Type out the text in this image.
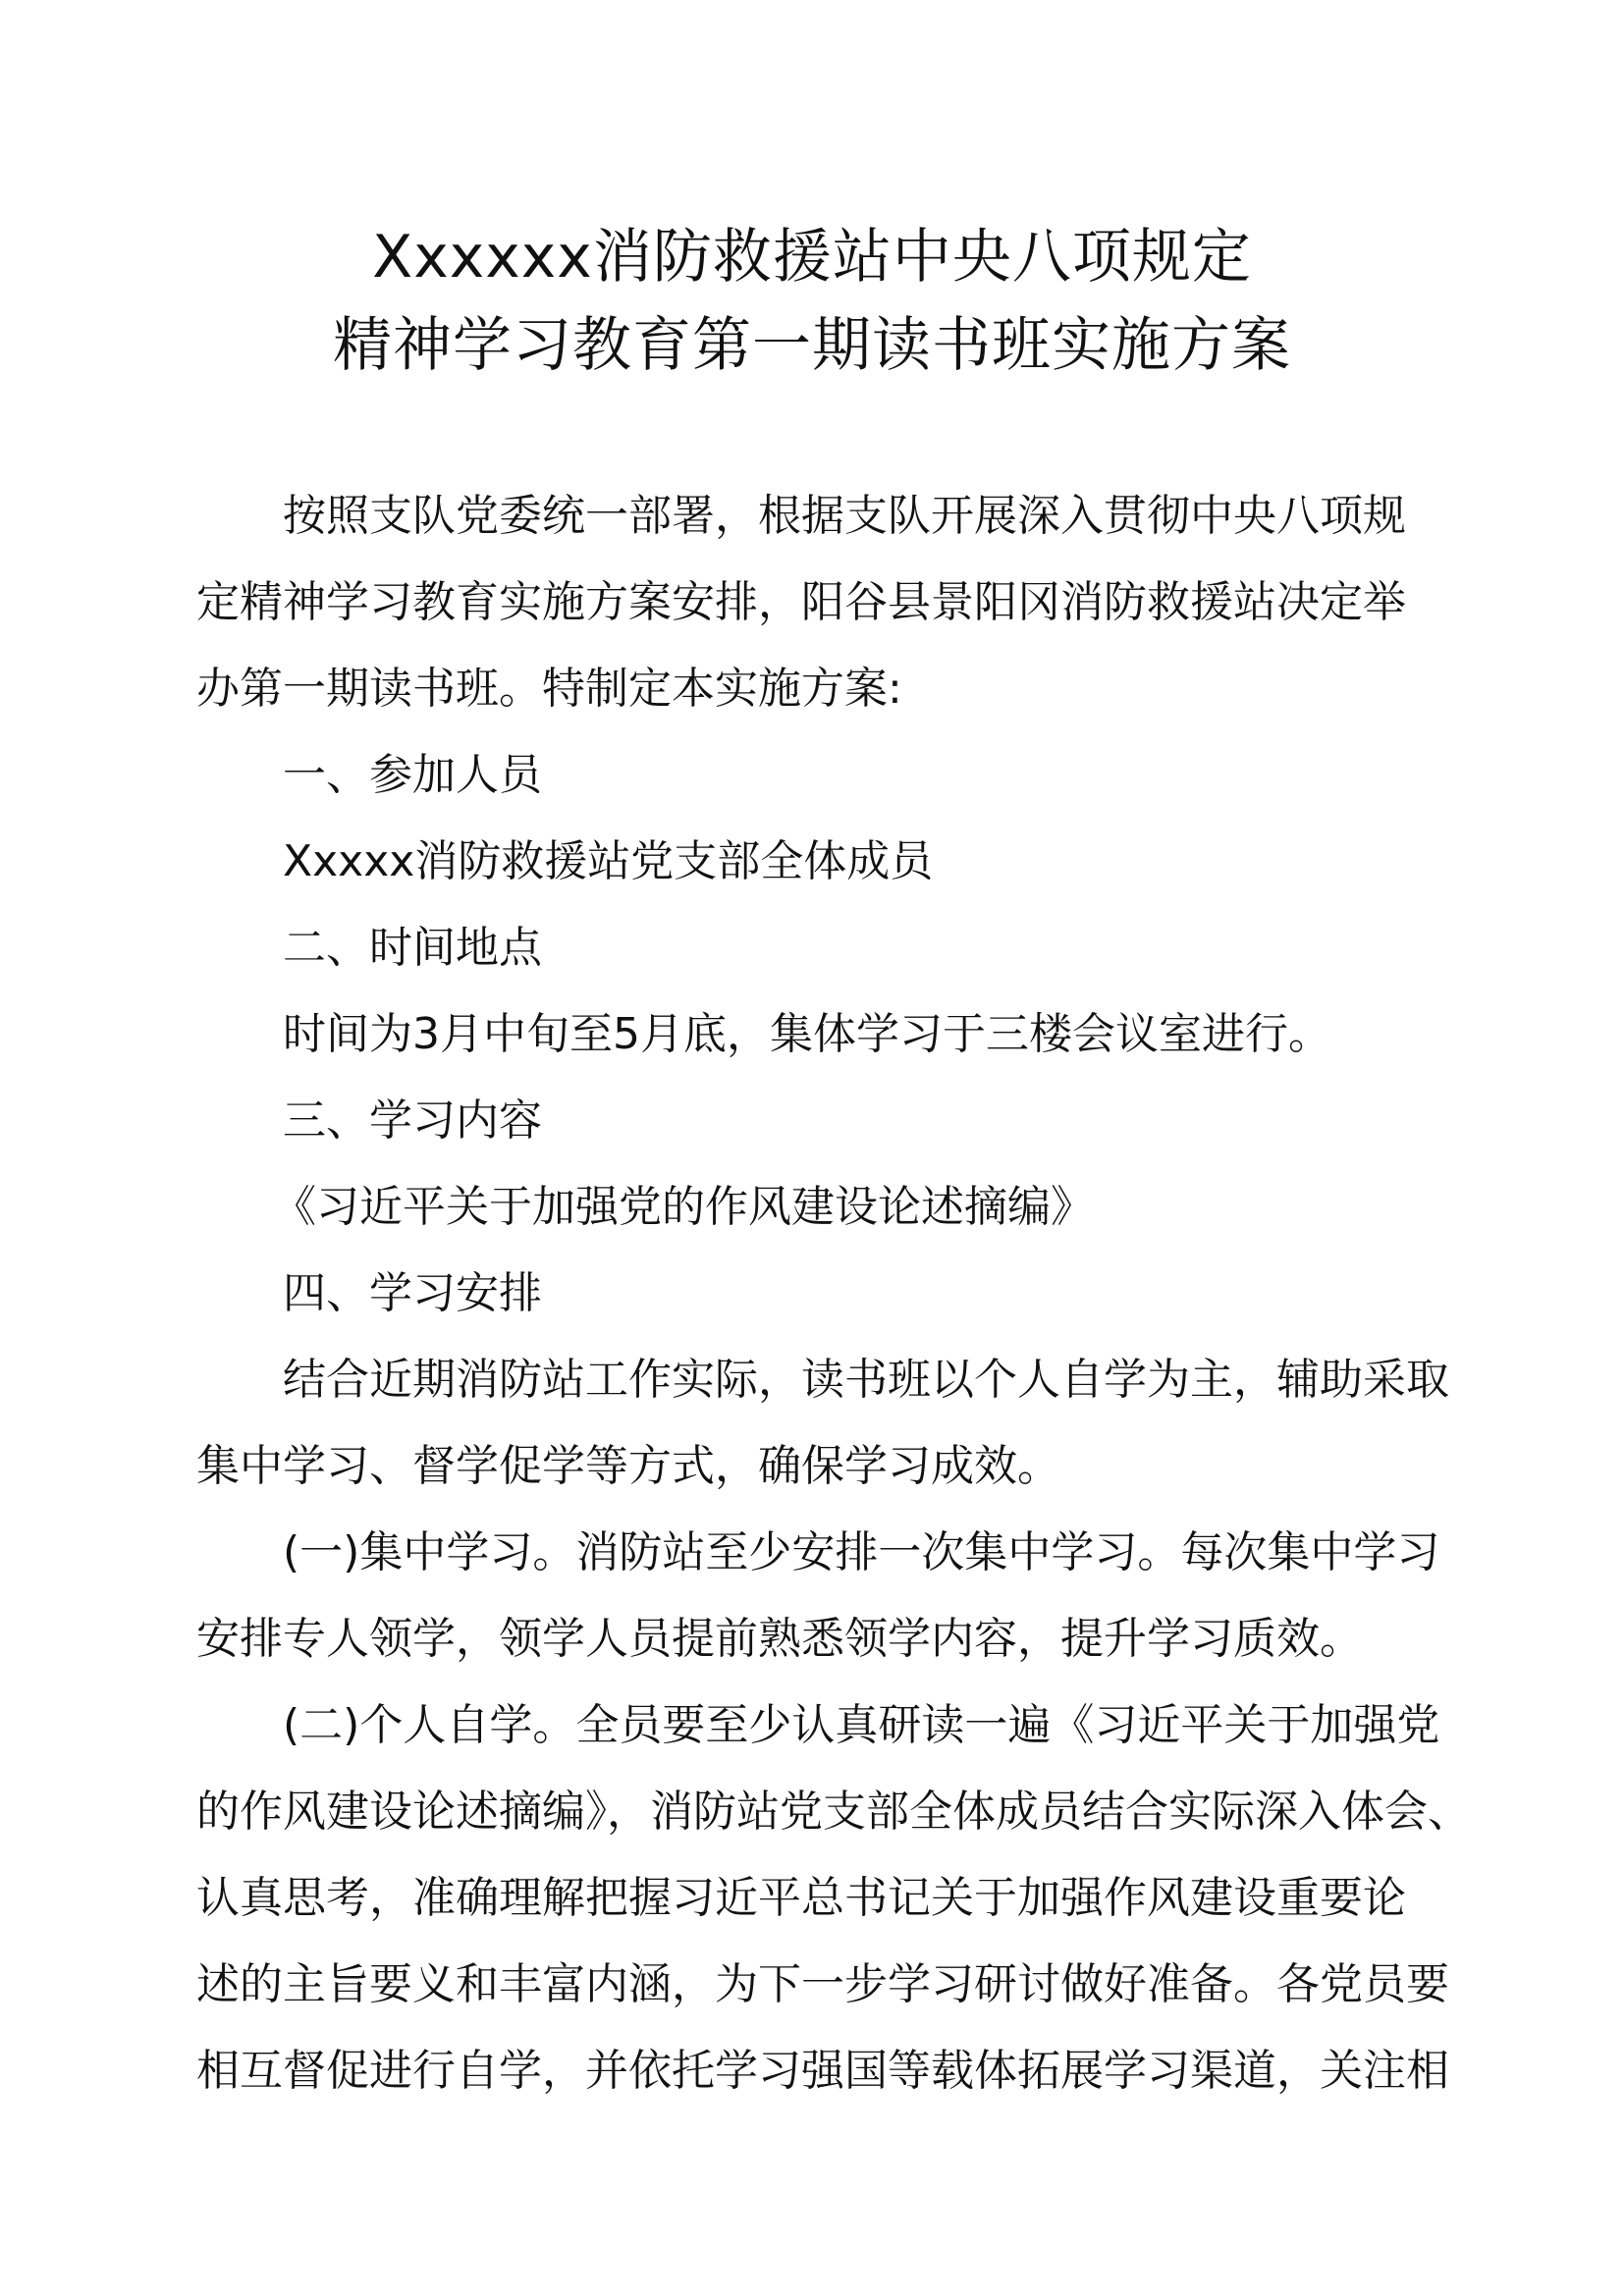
Xxxxxx消防救援站中央八项规定
精神学习教育第一期读书班实施方案
按照支队党委统一部署，根据支队开展深入贯彻中央八项规
定精神学习教育实施方案安排，阳谷县景阳冈消防救援站决定举
办第一期读书班。特制定本实施方案:
一、参加人员
Xxxxx消防救援站党支部全体成员
二、时间地点
时间为3月中旬至5月底，集体学习于三楼会议室进行。
三、学习内容
《习近平关于加强党的作风建设论述摘编》
四、学习安排
结合近期消防站工作实际，读书班以个人自学为主，辅助采取
集中学习、督学促学等方式，确保学习成效。
(一)集中学习。消防站至少安排一次集中学习。每次集中学习
安排专人领学，领学人员提前熟悉领学内容，提升学习质效。
(二)个人自学。全员要至少认真研读一遍《习近平关于加强党
的作风建设论述摘编》，消防站党支部全体成员结合实际深入体会、
认真思考，准确理解把握习近平总书记关于加强作风建设重要论
述的主旨要义和丰富内涵，为下一步学习研讨做好准备。各党员要
相互督促进行自学，并依托学习强国等载体拓展学习渠道，关注相
